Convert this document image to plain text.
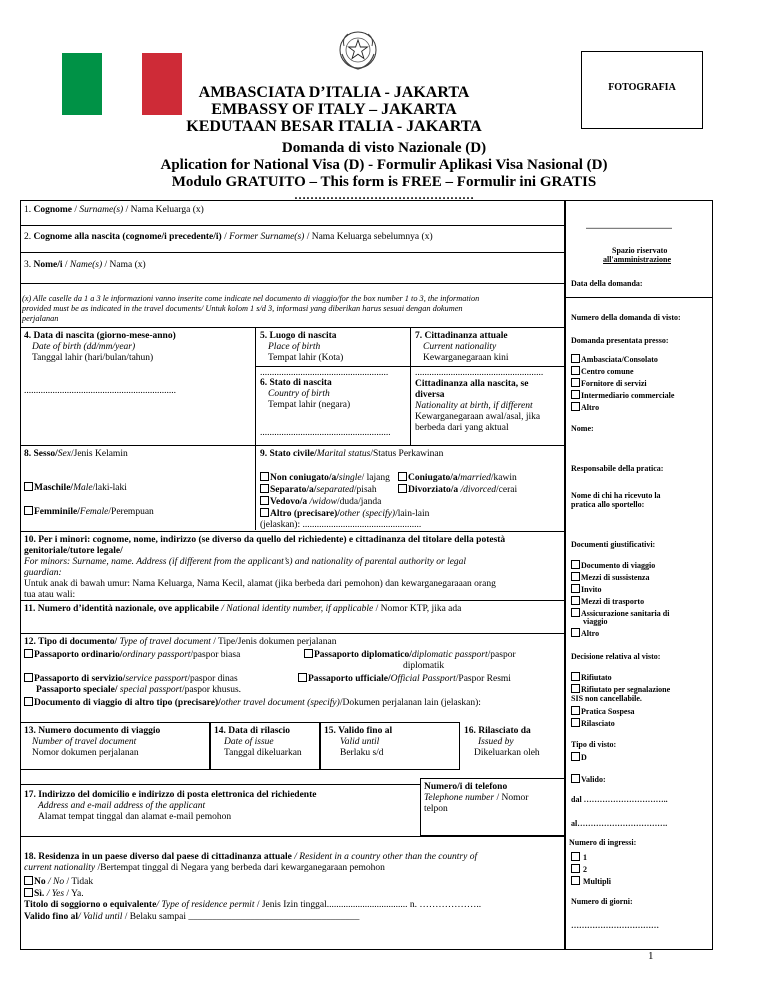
FOTOGRAFIA
AMBASCIATA D’ITALIA - JAKARTA
EMBASSY OF ITALY – JAKARTA
KEDUTAAN BESAR ITALIA - JAKARTA
Domanda di visto Nazionale (D)
Aplication for National Visa (D) - Formulir Aplikasi Visa Nasional (D)
Modulo GRATUITO – This form is FREE – Formulir ini GRATIS
………………………………………
1. Cognome / Surname(s) / Nama Keluarga (x)
2. Cognome alla nascita (cognome/i precedente/i) / Former Surname(s) / Nama Keluarga sebelumnya (x)
3. Nome/i / Name(s) / Nama (x)
(x) Alle caselle da 1 a 3 le informazioni vanno inserite come indicate nel documento di viaggio/for the box number 1 to 3, the information
provided must be as indicated in the travel documents/ Untuk kolom 1 s/d 3, informasi yang diberikan harus sesuai dengan dokumen
perjalanan
4. Data di nascita (giorno-mese-anno)
Date of birth (dd/mm/year)
Tanggal lahir (hari/bulan/tahun)
................................................................
5. Luogo di nascita
Place of birth
Tempat lahir (Kota)
......................................................
6. Stato di nascita
Country of birth
Tempat lahir (negara)
.......................................................
7. Cittadinanza attuale
Current nationality
Kewarganegaraan kini
......................................................
Cittadinanza alla nascita, se
diversa
Nationality at birth, if different
Kewarganegaraan awal/asal, jika
berbeda dari yang aktual
8. Sesso/Sex/Jenis Kelamin
Maschile/Male/laki-laki
Femminile/Female/Perempuan
9. Stato civile/Marital status/Status Perkawinan
Non coniugato/a/single/ lajang	Coniugato/a/married/kawin
Separato/a/separated/pisah	Divorziato/a /divorced/cerai
Vedovo/a /widow/duda/janda
Altro (precisare)/other (specify)/lain-lain
(jelaskan): ..................................................
10. Per i minori: cognome, nome, indirizzo (se diverso da quello del richiedente) e cittadinanza del titolare della potestà
genitoriale/tutore legale/
For minors: Surname, name. Address (if different from the applicant’s) and nationality of parental authority or legal
guardian:
Untuk anak di bawah umur: Nama Keluarga, Nama Kecil, alamat (jika berbeda dari pemohon) dan kewarganegaraaan orang
tua atau wali:
11. Numero d’identità nazionale, ove applicabile / National identity number, if applicable / Nomor KTP, jika ada
12. Tipo di documento/ Type of travel document / Tipe/Jenis dokumen perjalanan
Passaporto ordinario/ordinary passport/paspor biasa	Passaporto diplomatico/diplomatic passport/paspor
diplomatik
Passaporto di servizio/service passport/paspor dinas	Passaporto ufficiale/Official Passport/Paspor Resmi
Passaporto speciale/ special passport/paspor khusus.
Documento di viaggio di altro tipo (precisare)/other travel document (specify)/Dokumen perjalanan lain (jelaskan):
13. Numero documento di viaggio
Number of travel document
Nomor dokumen perjalanan
14. Data di rilascio
Date of issue
Tanggal dikeluarkan
15. Valido fino al
Valid until
Berlaku s/d
16. Rilasciato da
Issued by
Dikeluarkan oleh
17. Indirizzo del domicilio e indirizzo di posta elettronica del richiedente
Address and e-mail address of the applicant
Alamat tempat tinggal dan alamat e-mail pemohon
Numero/i di telefono
Telephone number / Nomor
telpon
18. Residenza in un paese diverso dal paese di cittadinanza attuale / Resident in a country other than the country of
current nationality /Bertempat tinggal di Negara yang berbeda dari kewarganegaraan pemohon
No / No / Tidak
Sì. / Yes / Ya.
Titolo di soggiorno o equivalente/ Type of residence permit / Jenis Izin tinggal.................................. n. ………………..
Valido fino al/ Valid until / Belaku sampai ____________________________________
...........................................
Spazio riservato
all'amministrazione
Data della domanda:
Numero della domanda di visto:
Domanda presentata presso:
Ambasciata/Consolato
Centro comune
Fornitore di servizi
Intermediario commerciale
Altro
Nome:
Responsabile della pratica:
Nome di chi ha ricevuto la
pratica allo sportello:
Documenti giustificativi:
Documento di viaggio
Mezzi di sussistenza
Invito
Mezzi di trasporto
Assicurazione sanitaria di
viaggio
Altro
Decisione relativa al visto:
Rifiutato
Rifiutato per segnalazione
SIS non cancellabile.
Pratica Sospesa
Rilasciato
Tipo di visto:
D
Valido:
dal …………………………..
al…………………………….
Numero di ingressi:
1
2
Multipli
Numero di giorni:
……………………………
1
